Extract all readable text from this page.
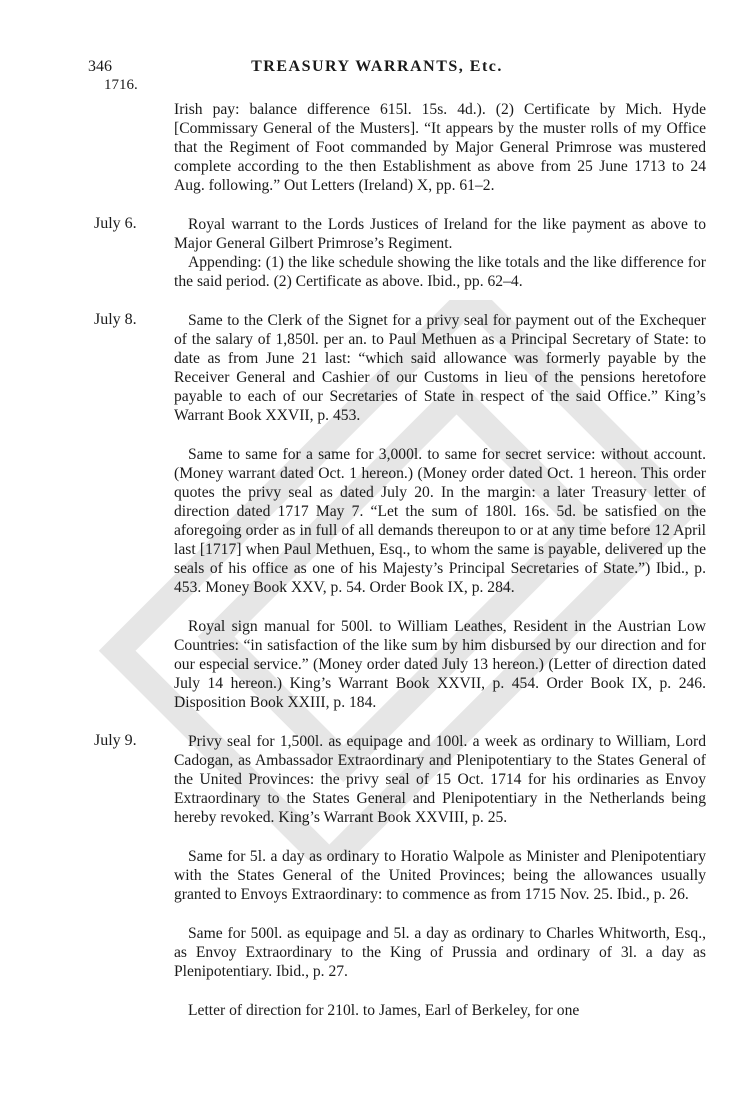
346	TREASURY WARRANTS, Etc.
1716.

Irish pay: balance difference 615l. 15s. 4d.). (2) Certificate by Mich. Hyde [Commissary General of the Musters]. “It appears by the muster rolls of my Office that the Regiment of Foot commanded by Major General Primrose was mustered complete according to the then Establishment as above from 25 June 1713 to 24 Aug. following.” Out Letters (Ireland) X, pp. 61–2.

July 6.	Royal warrant to the Lords Justices of Ireland for the like payment as above to Major General Gilbert Primrose’s Regiment.

Appending: (1) the like schedule showing the like totals and the like difference for the said period. (2) Certificate as above. Ibid., pp. 62–4.

July 8.	Same to the Clerk of the Signet for a privy seal for payment out of the Exchequer of the salary of 1,850l. per an. to Paul Methuen as a Principal Secretary of State: to date as from June 21 last: “which said allowance was formerly payable by the Receiver General and Cashier of our Customs in lieu of the pensions heretofore payable to each of our Secretaries of State in respect of the said Office.” King’s Warrant Book XXVII, p. 453.

Same to same for a same for 3,000l. to same for secret service: without account. (Money warrant dated Oct. 1 hereon.) (Money order dated Oct. 1 hereon. This order quotes the privy seal as dated July 20. In the margin: a later Treasury letter of direction dated 1717 May 7. “Let the sum of 180l. 16s. 5d. be satisfied on the aforegoing order as in full of all demands thereupon to or at any time before 12 April last [1717] when Paul Methuen, Esq., to whom the same is payable, delivered up the seals of his office as one of his Majesty’s Principal Secretaries of State.”) Ibid., p. 453. Money Book XXV, p. 54. Order Book IX, p. 284.

Royal sign manual for 500l. to William Leathes, Resident in the Austrian Low Countries: “in satisfaction of the like sum by him disbursed by our direction and for our especial service.” (Money order dated July 13 hereon.) (Letter of direction dated July 14 hereon.) King’s Warrant Book XXVII, p. 454. Order Book IX, p. 246. Disposition Book XXIII, p. 184.

July 9.	Privy seal for 1,500l. as equipage and 100l. a week as ordinary to William, Lord Cadogan, as Ambassador Extraordinary and Plenipotentiary to the States General of the United Provinces: the privy seal of 15 Oct. 1714 for his ordinaries as Envoy Extraordinary to the States General and Plenipotentiary in the Netherlands being hereby revoked. King’s Warrant Book XXVIII, p. 25.

Same for 5l. a day as ordinary to Horatio Walpole as Minister and Plenipotentiary with the States General of the United Provinces; being the allowances usually granted to Envoys Extraordinary: to commence as from 1715 Nov. 25. Ibid., p. 26.

Same for 500l. as equipage and 5l. a day as ordinary to Charles Whitworth, Esq., as Envoy Extraordinary to the King of Prussia and ordinary of 3l. a day as Plenipotentiary. Ibid., p. 27.

Letter of direction for 210l. to James, Earl of Berkeley, for one
